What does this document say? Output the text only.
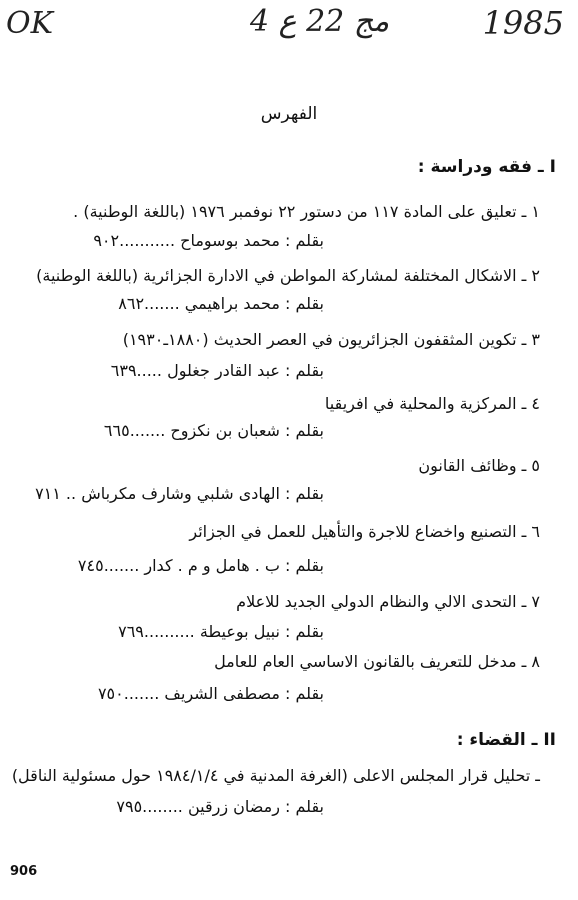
OK	مج 22 ع 4	1985
الفهرس
I ـ فقه ودراسة :
١ ـ تعليق على المادة ١١٧ من دستور ٢٢ نوفمبر ١٩٧٦ (باللغة الوطنية) .
بقلم : محمد بوسوماح ...........٩٠٢
٢ ـ الاشكال المختلفة لمشاركة المواطن في الادارة الجزائرية (باللغة الوطنية)
بقلم : محمد براهيمي .......٨٦٢
٣ ـ تكوين المثقفون الجزائريون في العصر الحديث (١٨٨٠ـ١٩٣٠)
بقلم : عبد القادر جغلول .....٦٣٩
٤ ـ المركزية والمحلية في افريقيا
بقلم : شعبان بن نكزوح .......٦٦٥
٥ ـ وظائف القانون
بقلم : الهادى شلبي وشارف مكرباش .. ٧١١
٦ ـ التصنيع واخضاع للاجرة والتأهيل للعمل في الجزائر
بقلم : ب . هامل و م . كدار .......٧٤٥
٧ ـ التحدى الالي والنظام الدولي الجديد للاعلام
بقلم : نبيل بوعيطة ..........٧٦٩
٨ ـ مدخل للتعريف بالقانون الاساسي العام للعامل
بقلم : مصطفى الشريف .......٧٥٠
II ـ القضاء :
ـ تحليل قرار المجلس الاعلى (الغرفة المدنية في ١٩٨٤/١/٤ حول مسئولية الناقل)
بقلم : رمضان زرقين ........٧٩٥
906
